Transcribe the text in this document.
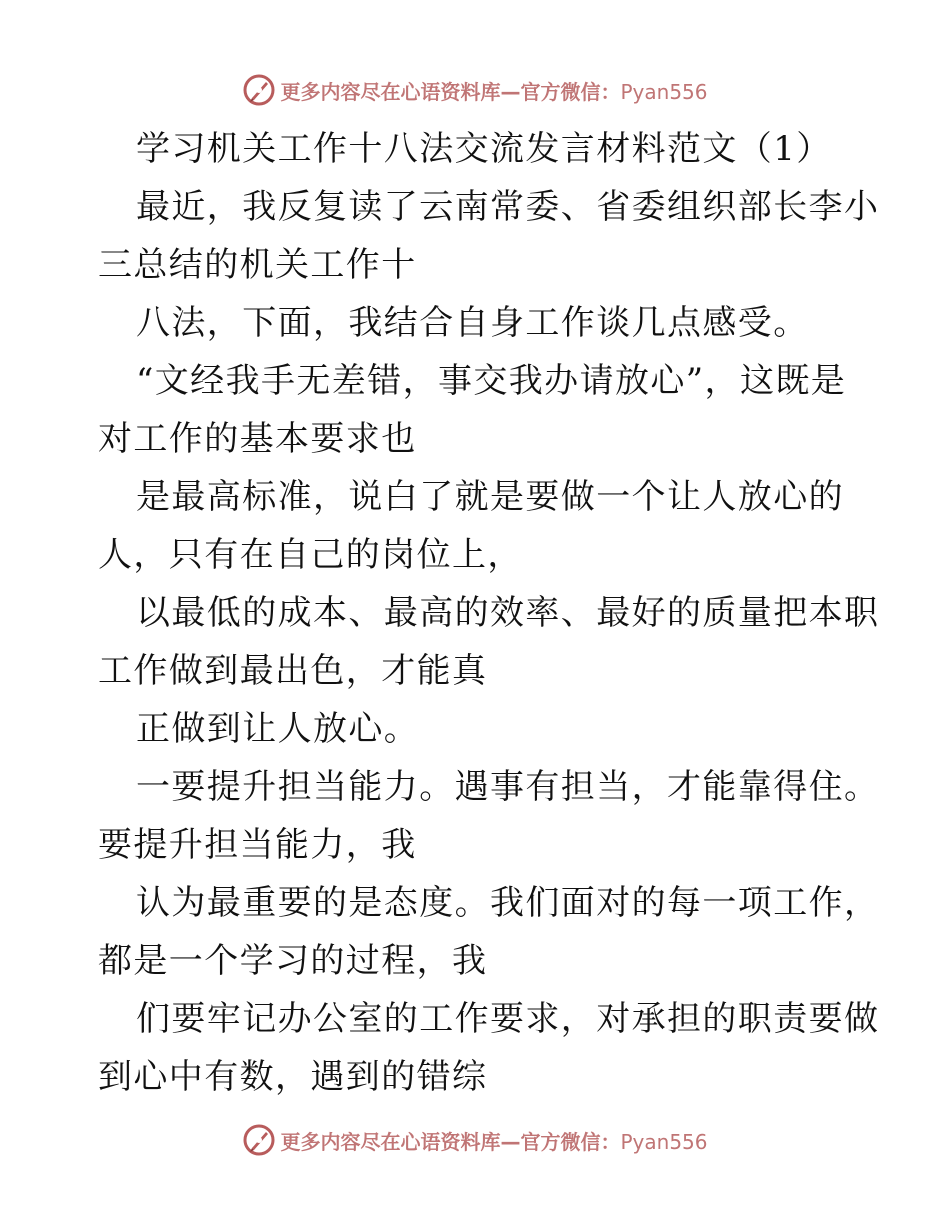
更多内容尽在心语资料库—官方微信：Pyan556
学习机关工作十八法交流发言材料范文（1）
最近，我反复读了云南常委、省委组织部长李小
三总结的机关工作十
八法，下面，我结合自身工作谈几点感受。
“文经我手无差错，事交我办请放心”，这既是
对工作的基本要求也
是最高标准，说白了就是要做一个让人放心的
人，只有在自己的岗位上，
以最低的成本、最高的效率、最好的质量把本职
工作做到最出色，才能真
正做到让人放心。
一要提升担当能力。遇事有担当，才能靠得住。
要提升担当能力，我
认为最重要的是态度。我们面对的每一项工作，
都是一个学习的过程，我
们要牢记办公室的工作要求，对承担的职责要做
到心中有数，遇到的错综
更多内容尽在心语资料库—官方微信：Pyan556
